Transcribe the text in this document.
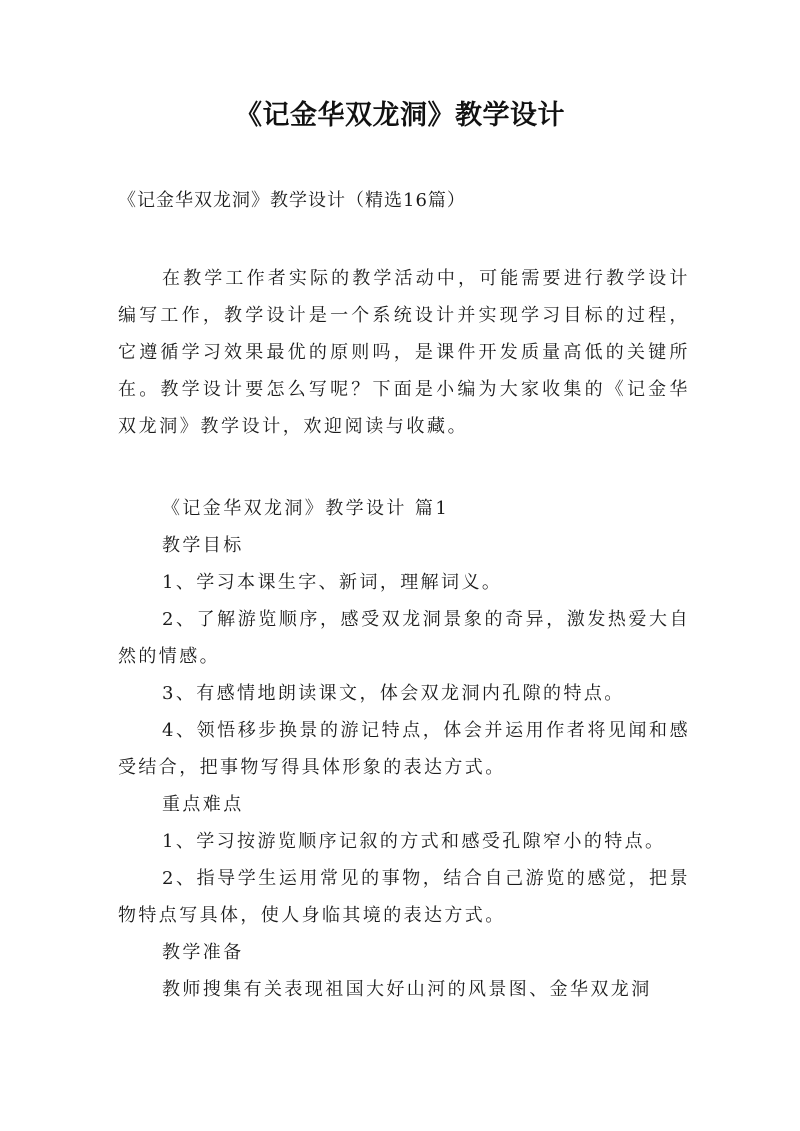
《记金华双龙洞》教学设计
《记金华双龙洞》教学设计（精选16篇）
在教学工作者实际的教学活动中，可能需要进行教学设计编写工作，教学设计是一个系统设计并实现学习目标的过程，它遵循学习效果最优的原则吗，是课件开发质量高低的关键所在。教学设计要怎么写呢？下面是小编为大家收集的《记金华双龙洞》教学设计，欢迎阅读与收藏。

《记金华双龙洞》教学设计 篇1

教学目标

1、学习本课生字、新词，理解词义。

2、了解游览顺序，感受双龙洞景象的奇异，激发热爱大自然的情感。

3、有感情地朗读课文，体会双龙洞内孔隙的特点。

4、领悟移步换景的游记特点，体会并运用作者将见闻和感受结合，把事物写得具体形象的表达方式。

重点难点

1、学习按游览顺序记叙的方式和感受孔隙窄小的特点。

2、指导学生运用常见的事物，结合自己游览的感觉，把景物特点写具体，使人身临其境的表达方式。

教学准备

教师搜集有关表现祖国大好山河的风景图、金华双龙洞
